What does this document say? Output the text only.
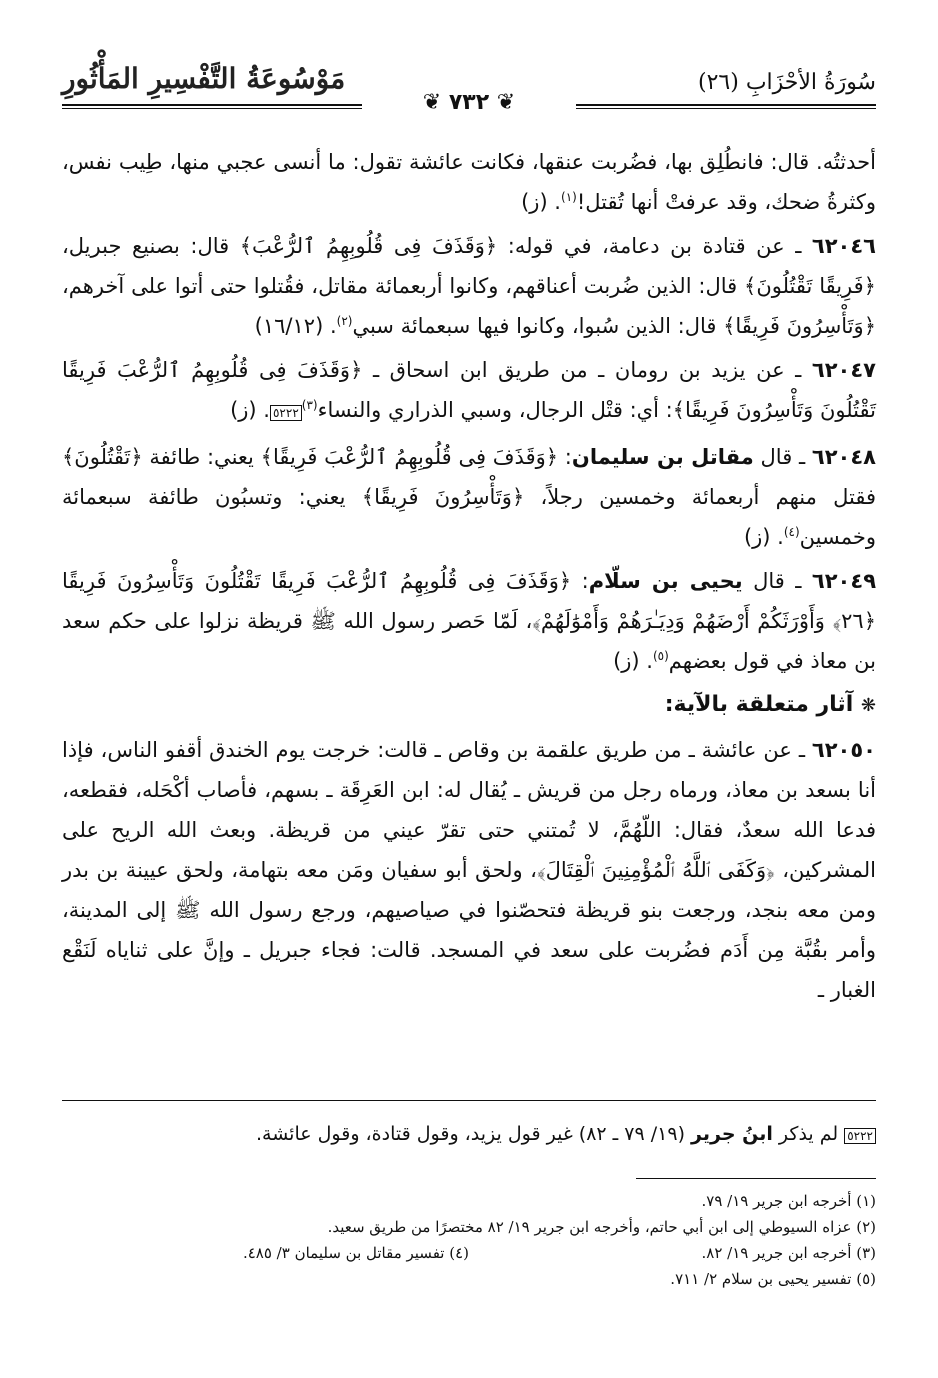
سُورَةُ الأحْزَابِ (٢٦)
مَوْسُوعَةُ التَّفْسِيرِ المَأْثُورِ
❦ ٧٣٢ ❦

أحدثتُه. قال: فانطُلِق بها، فضُربت عنقها، فكانت عائشة تقول: ما أنسى عجبي منها، طِيب نفس، وكثرةُ ضحك، وقد عرفتْ أنها تُقتل!$^{(١)}$. (ز)

٦٢٠٤٦ ـ عن قتادة بن دعامة، في قوله: ﴿وَقَذَفَ فِى قُلُوبِهِمُ ٱلرُّعْبَ﴾ قال: بصنيع جبريل، ﴿فَرِيقًا تَقْتُلُونَ﴾ قال: الذين ضُربت أعناقهم، وكانوا أربعمائة مقاتل، فقُتلوا حتى أتوا على آخرهم، ﴿وَتَأْسِرُونَ فَرِيقًا﴾ قال: الذين سُبوا، وكانوا فيها سبعمائة سبي$^{(٢)}$. (١٦/١٢)

٦٢٠٤٧ ـ عن يزيد بن رومان ـ من طريق ابن اسحاق ـ ﴿وَقَذَفَ فِى قُلُوبِهِمُ ٱلرُّعْبَ فَرِيقًا تَقْتُلُونَ وَتَأْسِرُونَ فَرِيقًا﴾: أي: قتْل الرجال، وسبي الذراري والنساء$^{(٣)}$٥٢٢٢. (ز)

٦٢٠٤٨ ـ قال مقاتل بن سليمان: ﴿وَقَذَفَ فِى قُلُوبِهِمُ ٱلرُّعْبَ فَرِيقًا﴾ يعني: طائفة ﴿تَقْتُلُونَ﴾ فقتل منهم أربعمائة وخمسين رجلاً، ﴿وَتَأْسِرُونَ فَرِيقًا﴾ يعني: وتسبُون طائفة سبعمائة وخمسين$^{(٤)}$. (ز)

٦٢٠٤٩ ـ قال يحيى بن سلّام: ﴿وَقَذَفَ فِى قُلُوبِهِمُ ٱلرُّعْبَ فَرِيقًا تَقْتُلُونَ وَتَأْسِرُونَ فَرِيقًا ﴿٢٦﴾ وَأَوْرَثَكُمْ أَرْضَهُمْ وَدِيَـٰرَهُمْ وَأَمْوَٰلَهُمْ﴾، لَمّا حَصر رسول الله ﷺ قريظة نزلوا على حكم سعد بن معاذ في قول بعضهم$^{(٥)}$. (ز)

❋ آثار متعلقة بالآية:

٦٢٠٥٠ ـ عن عائشة ـ من طريق علقمة بن وقاص ـ قالت: خرجت يوم الخندق أقفو الناس، فإذا أنا بسعد بن معاذ، ورماه رجل من قريش ـ يُقال له: ابن العَرِقَة ـ بسهم، فأصاب أكْحَله، فقطعه، فدعا الله سعدٌ، فقال: اللّهُمَّ، لا تُمتني حتى تقرّ عيني من قريظة. وبعث الله الريح على المشركين، ﴿وَكَفَى ٱللَّهُ ٱلْمُؤْمِنِينَ ٱلْقِتَالَ﴾، ولحق أبو سفيان ومَن معه بتهامة، ولحق عيينة بن بدر ومن معه بنجد، ورجعت بنو قريظة فتحصّنوا في صياصيهم، ورجع رسول الله ﷺ إلى المدينة، وأمر بقُبَّة مِن أَدَم فضُربت على سعد في المسجد. قالت: فجاء جبريل ـ وإنَّ على ثناياه لَنَقْع الغبار ـ

٥٢٢٢ لم يذكر ابنُ جرير (١٩/ ٧٩ ـ ٨٢) غير قول يزيد، وقول قتادة، وقول عائشة.
(١) أخرجه ابن جرير ١٩/ ٧٩.
(٢) عزاه السيوطي إلى ابن أبي حاتم، وأخرجه ابن جرير ١٩/ ٨٢ مختصرًا من طريق سعيد.
(٣) أخرجه ابن جرير ١٩/ ٨٢.
(٤) تفسير مقاتل بن سليمان ٣/ ٤٨٥.
(٥) تفسير يحيى بن سلام ٢/ ٧١١.
